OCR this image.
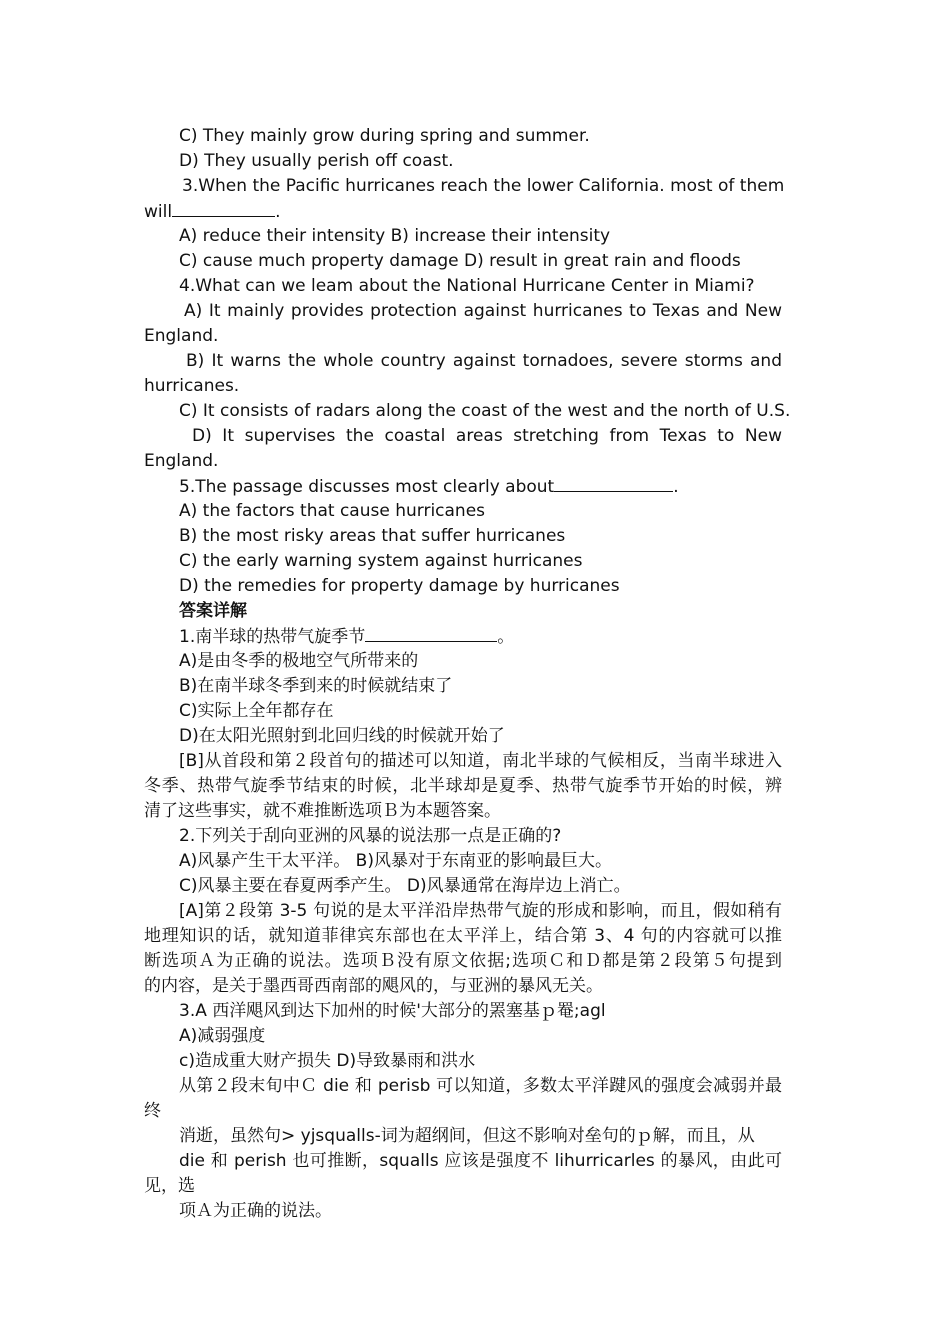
C) They mainly grow during spring and summer.
D) They usually perish off coast.
3.When the Pacific hurricanes reach the lower California. most of them
will	.
A) reduce their intensity B) increase their intensity
C) cause much property damage D) result in great rain and floods
4.What can we leam about the National Hurricane Center in Miami?
A) It mainly provides protection against hurricanes to Texas and New
England.
B) It warns the whole country against tornadoes, severe storms and
hurricanes.
C) It consists of radars along the coast of the west and the north of U.S.
D) It supervises the coastal areas stretching from Texas to New
England.
5.The passage discusses most clearly about	.
A) the factors that cause hurricanes
B) the most risky areas that suffer hurricanes
C) the early warning system against hurricanes
D) the remedies for property damage by hurricanes
答案详解
1.南半球的热带气旋季节	。
A)是由冬季的极地空气所带来的
B)在南半球冬季到来的时候就结束了
C)实际上全年都存在
D)在太阳光照射到北回归线的时候就开始了
[B]从首段和第２段首句的描述可以知道，南北半球的气候相反，当南半球进入
冬季、热带气旋季节结束的时候，北半球却是夏季、热带气旋季节开始的时候，辨
清了这些事实，就不难推断选项Ｂ为本题答案。
2.下列关于刮向亚洲的风暴的说法那一点是正确的?
A)风暴产生干太平洋。 B)风暴对于东南亚的影响最巨大。
C)风暴主要在春夏两季产生。 D)风暴通常在海岸边上消亡。
[A]第２段第 3-5 句说的是太平洋沿岸热带气旋的形成和影响，而且，假如稍有
地理知识的话，就知道菲律宾东部也在太平洋上，结合第 3、4 句的内容就可以推
断选项Ａ为正确的说法。选项Ｂ没有原文依据;选项Ｃ和Ｄ都是第２段第５句提到
的内容，是关于墨西哥西南部的飓风的，与亚洲的暴风无关。
3.A 西洋飓风到达下加州的时候'大部分的罴塞基ｐ罨;agl
A)减弱强度
c)造成重大财产损失 D)导致暴雨和洪水
从第２段末旬中Ｃ die 和 perisb 可以知道，多数太平洋踺风的强度会减弱并最
终
消逝，虽然句> yjsqualls-词为超纲间，但这不影响对垒句的ｐ解，而且，从
die 和 perish 也可推断，squalls 应该是强度不 lihurricarles 的暴风，由此可
见，选
项Ａ为正确的说法。
